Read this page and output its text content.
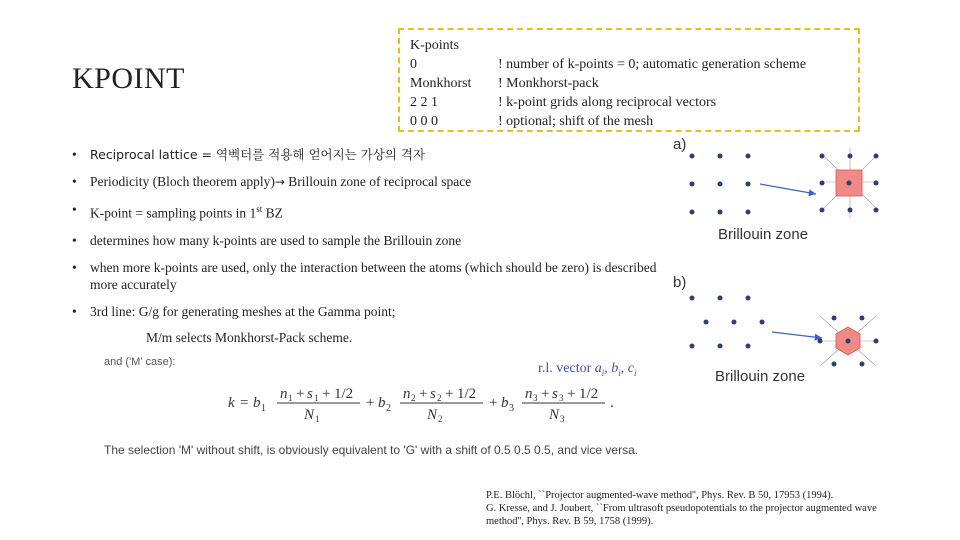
KPOINT
K-points
0	! number of k-points = 0; automatic generation scheme
Monkhorst ! Monkhorst-pack
2 2 1	! k-point grids along reciprocal vectors
0 0 0	! optional; shift of the mesh
• Reciprocal lattice = 역벡터를 적용해 얻어지는 가상의 격자
• Periodicity (Bloch theorem apply)→ Brillouin zone of reciprocal space
• K-point = sampling points in 1st BZ
• determines how many k-points are used to sample the Brillouin zone
• when more k-points are used, only the interaction between the atoms (which should be zero) is described more accurately
• 3rd line: G/g for generating meshes at the Gamma point;
M/m selects Monkhorst-Pack scheme.
and ('M' case):	r.l. vector $a_i$, $b_i$, $c_i$
k = b 1
n 1 + s 1 + 1/2
N 1
+ b 2
n 2 + s 2 + 1/2
N 2
+ b 3
n 3 + s 3 + 1/2
N 3
.
The selection 'M' without shift, is obviously equivalent to 'G' with a shift of 0.5 0.5 0.5, and vice versa.
a)
b)
Brillouin zone
Brillouin zone
P.E. Blöchl, ``Projector augmented-wave method'', Phys. Rev. B 50, 17953 (1994).
G. Kresse, and J. Joubert, ``From ultrasoft pseudopotentials to the projector augmented wave
method'', Phys. Rev. B 59, 1758 (1999).
